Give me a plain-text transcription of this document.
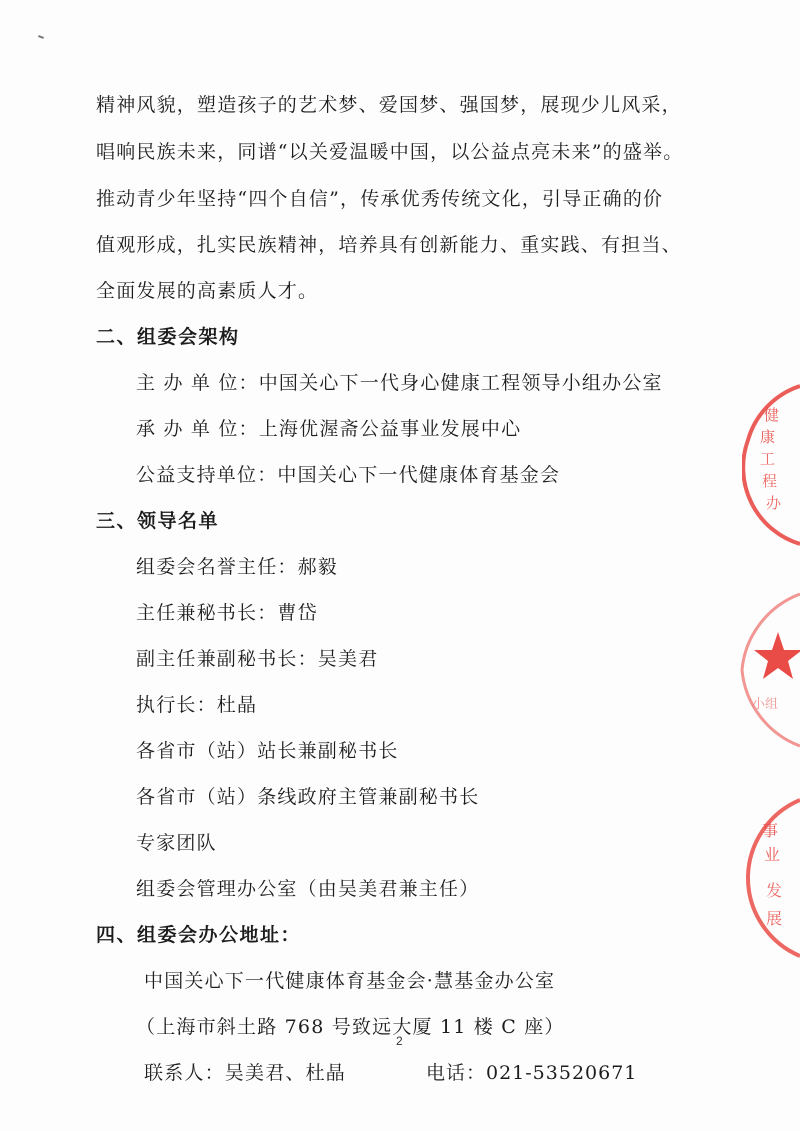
精神风貌，塑造孩子的艺术梦、爱国梦、强国梦，展现少儿风采，
唱响民族未来，同谱“以关爱温暖中国，以公益点亮未来”的盛举。
推动青少年坚持“四个自信”，传承优秀传统文化，引导正确的价
值观形成，扎实民族精神，培养具有创新能力、重实践、有担当、
全面发展的高素质人才。
二、组委会架构
主 办 单 位：中国关心下一代身心健康工程领导小组办公室
承 办 单 位：上海优渥斋公益事业发展中心
公益支持单位：中国关心下一代健康体育基金会
三、领导名单
组委会名誉主任：郝毅
主任兼秘书长：曹岱
副主任兼副秘书长：吴美君
执行长：杜晶
各省市（站）站长兼副秘书长
各省市（站）条线政府主管兼副秘书长
专家团队
组委会管理办公室（由吴美君兼主任）
四、组委会办公地址：
中国关心下一代健康体育基金会·慧基金办公室
（上海市斜土路 768 号致远大厦 11 楼 C 座）
2
健
康
工
程
办
小组
事
业
发
展
联系人：吴美君、杜晶	电话：021-53520671
